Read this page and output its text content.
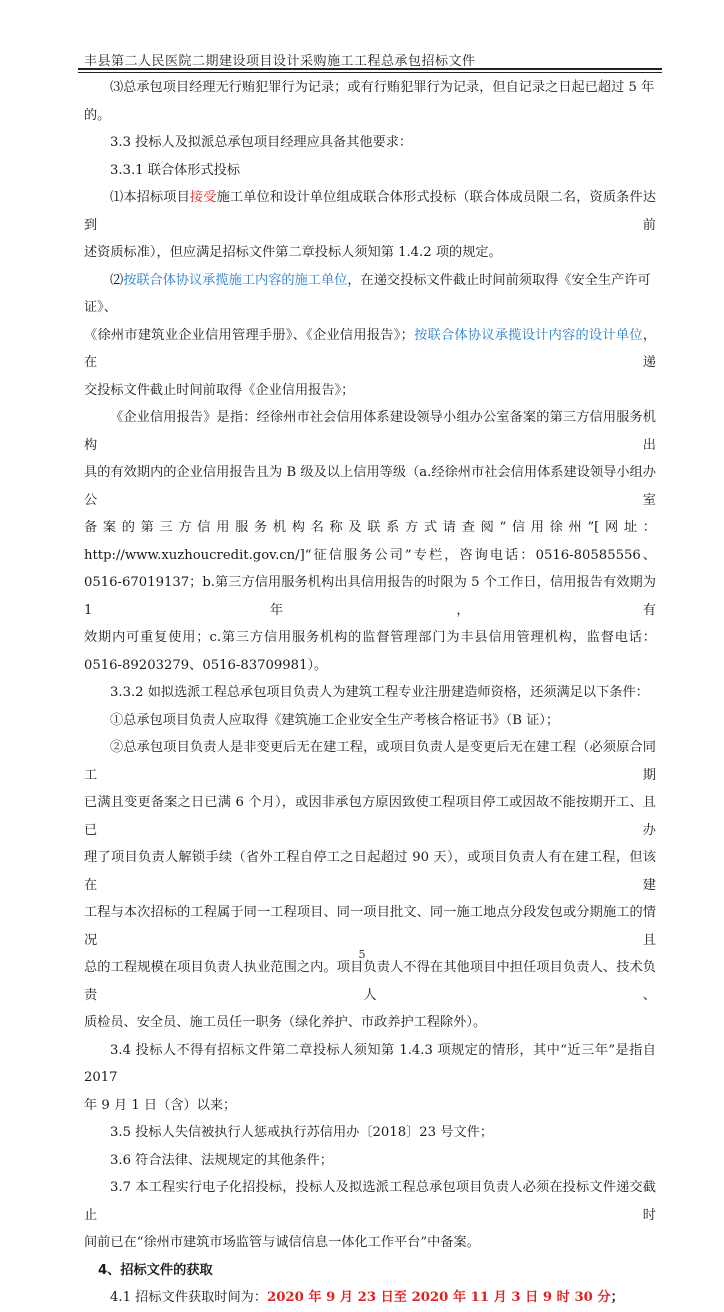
丰县第二人民医院二期建设项目设计采购施工工程总承包招标文件

⑶总承包项目经理无行贿犯罪行为记录；或有行贿犯罪行为记录，但自记录之日起已超过 5 年的。

3.3 投标人及拟派总承包项目经理应具备其他要求：

3.3.1 联合体形式投标

⑴本招标项目接受施工单位和设计单位组成联合体形式投标（联合体成员限二名，资质条件达到前

述资质标准），但应满足招标文件第二章投标人须知第 1.4.2 项的规定。

⑵按联合体协议承揽施工内容的施工单位，在递交投标文件截止时间前须取得《安全生产许可证》、

《徐州市建筑业企业信用管理手册》、《企业信用报告》；按联合体协议承揽设计内容的设计单位，在递

交投标文件截止时间前取得《企业信用报告》；

《企业信用报告》是指：经徐州市社会信用体系建设领导小组办公室备案的第三方信用服务机构出

具的有效期内的企业信用报告且为 B 级及以上信用等级（a.经徐州市社会信用体系建设领导小组办公室

备案的第三方信用服务机构名称及联系方式请查阅“信用徐州”[网址：

http://www.xuzhoucredit.gov.cn/]“征信服务公司”专栏，咨询电话：0516-80585556、

0516-67019137；b.第三方信用服务机构出具信用报告的时限为 5 个工作日，信用报告有效期为 1 年，有

效期内可重复使用；c.第三方信用服务机构的监督管理部门为丰县信用管理机构，监督电话：

0516-89203279、0516-83709981）。

3.3.2 如拟选派工程总承包项目负责人为建筑工程专业注册建造师资格，还须满足以下条件：

①总承包项目负责人应取得《建筑施工企业安全生产考核合格证书》（B 证）；

②总承包项目负责人是非变更后无在建工程，或项目负责人是变更后无在建工程（必须原合同工期

已满且变更备案之日已满 6 个月），或因非承包方原因致使工程项目停工或因故不能按期开工、且已办

理了项目负责人解锁手续（省外工程自停工之日起超过 90 天），或项目负责人有在建工程，但该在建

工程与本次招标的工程属于同一工程项目、同一项目批文、同一施工地点分段发包或分期施工的情况且

总的工程规模在项目负责人执业范围之内。项目负责人不得在其他项目中担任项目负责人、技术负责人、

质检员、安全员、施工员任一职务（绿化养护、市政养护工程除外）。

3.4 投标人不得有招标文件第二章投标人须知第 1.4.3 项规定的情形，其中“近三年”是指自 2017

年 9 月 1 日（含）以来；

3.5 投标人失信被执行人惩戒执行苏信用办〔2018〕23 号文件；

3.6 符合法律、法规规定的其他条件；

3.7 本工程实行电子化招投标，投标人及拟选派工程总承包项目负责人必须在投标文件递交截止时

间前已在“徐州市建筑市场监管与诚信信息一体化工作平台”中备案。

4、招标文件的获取

4.1 招标文件获取时间为：2020 年 9 月 23 日至 2020 年 11 月 3 日 9 时 30 分；

5
